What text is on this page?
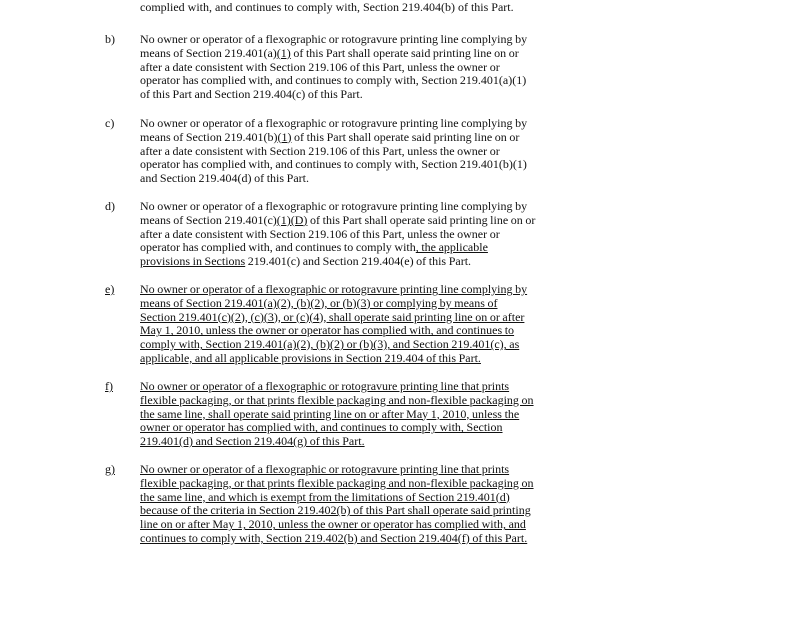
complied with, and continues to comply with, Section 219.404(b) of this Part.
b) No owner or operator of a flexographic or rotogravure printing line complying by means of Section 219.401(a)(1) of this Part shall operate said printing line on or after a date consistent with Section 219.106 of this Part, unless the owner or operator has complied with, and continues to comply with, Section 219.401(a)(1) of this Part and Section 219.404(c) of this Part.
c) No owner or operator of a flexographic or rotogravure printing line complying by means of Section 219.401(b)(1) of this Part shall operate said printing line on or after a date consistent with Section 219.106 of this Part, unless the owner or operator has complied with, and continues to comply with, Section 219.401(b)(1) and Section 219.404(d) of this Part.
d) No owner or operator of a flexographic or rotogravure printing line complying by means of Section 219.401(c)(1)(D) of this Part shall operate said printing line on or after a date consistent with Section 219.106 of this Part, unless the owner or operator has complied with, and continues to comply with, the applicable provisions in Sections 219.401(c) and Section 219.404(e) of this Part.
e) No owner or operator of a flexographic or rotogravure printing line complying by means of Section 219.401(a)(2), (b)(2), or (b)(3) or complying by means of Section 219.401(c)(2), (c)(3), or (c)(4), shall operate said printing line on or after May 1, 2010, unless the owner or operator has complied with, and continues to comply with, Section 219.401(a)(2), (b)(2) or (b)(3), and Section 219.401(c), as applicable, and all applicable provisions in Section 219.404 of this Part.
f) No owner or operator of a flexographic or rotogravure printing line that prints flexible packaging, or that prints flexible packaging and non-flexible packaging on the same line, shall operate said printing line on or after May 1, 2010, unless the owner or operator has complied with, and continues to comply with, Section 219.401(d) and Section 219.404(g) of this Part.
g) No owner or operator of a flexographic or rotogravure printing line that prints flexible packaging, or that prints flexible packaging and non-flexible packaging on the same line, and which is exempt from the limitations of Section 219.401(d) because of the criteria in Section 219.402(b) of this Part shall operate said printing line on or after May 1, 2010, unless the owner or operator has complied with, and continues to comply with, Section 219.402(b) and Section 219.404(f) of this Part.
